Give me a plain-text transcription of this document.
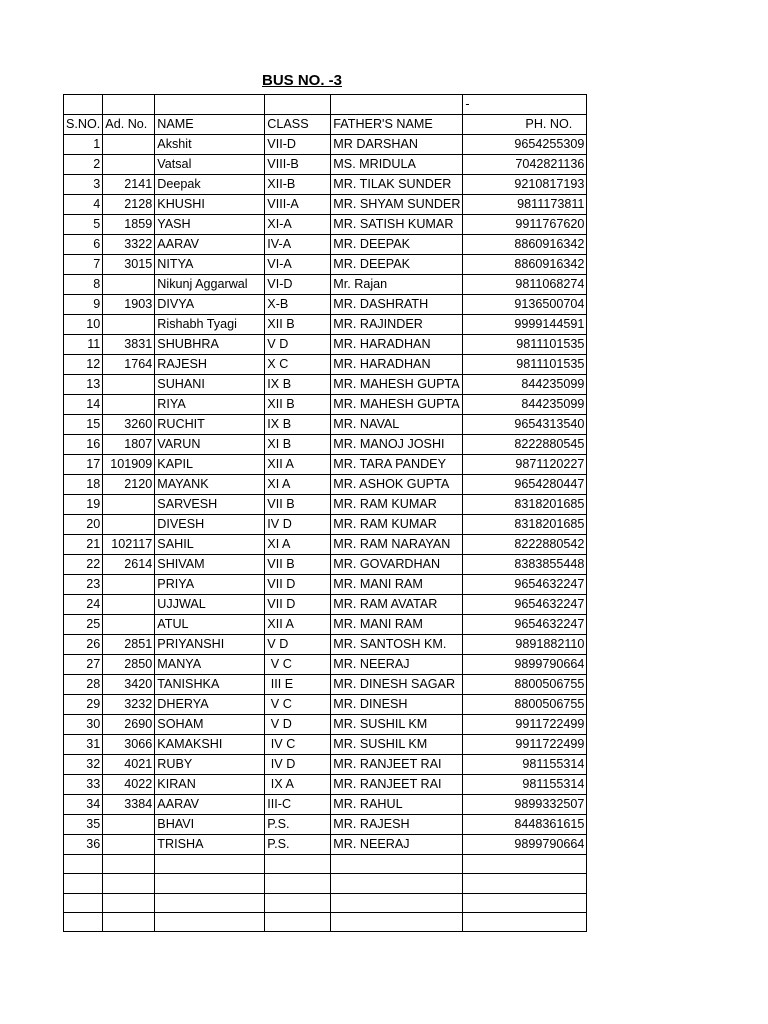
BUS NO. -3
					-
S.NO.	Ad. No.	NAME	CLASS	FATHER'S NAME	PH. NO.
1		Akshit	VII-D	MR DARSHAN	9654255309
2		Vatsal	VIII-B	MS. MRIDULA	7042821136
3	2141	Deepak	XII-B	MR. TILAK SUNDER	9210817193
4	2128	KHUSHI	VIII-A	MR. SHYAM SUNDER	9811173811
5	1859	YASH	XI-A	MR. SATISH KUMAR	9911767620
6	3322	AARAV	IV-A	MR. DEEPAK	8860916342
7	3015	NITYA	VI-A	MR. DEEPAK	8860916342
8		Nikunj Aggarwal	VI-D	Mr. Rajan	9811068274
9	1903	DIVYA	X-B	MR. DASHRATH	9136500704
10		Rishabh Tyagi	XII B	MR. RAJINDER	9999144591
11	3831	SHUBHRA	V D	MR. HARADHAN	9811101535
12	1764	RAJESH	X C	MR. HARADHAN	9811101535
13		SUHANI	IX B	MR. MAHESH GUPTA	844235099
14		RIYA	XII B	MR. MAHESH GUPTA	844235099
15	3260	RUCHIT	IX B	MR. NAVAL	9654313540
16	1807	VARUN	XI B	MR. MANOJ JOSHI	8222880545
17	101909	KAPIL	XII A	MR. TARA PANDEY	9871120227
18	2120	MAYANK	XI A	MR. ASHOK GUPTA	9654280447
19		SARVESH	VII B	MR. RAM KUMAR	8318201685
20		DIVESH	IV D	MR. RAM KUMAR	8318201685
21	102117	SAHIL	XI A	MR. RAM NARAYAN	8222880542
22	2614	SHIVAM	VII B	MR. GOVARDHAN	8383855448
23		PRIYA	VII D	MR. MANI RAM	9654632247
24		UJJWAL	VII D	MR. RAM AVATAR	9654632247
25		ATUL	XII A	MR. MANI RAM	9654632247
26	2851	PRIYANSHI	V D	MR. SANTOSH KM.	9891882110
27	2850	MANYA	V C	MR. NEERAJ	9899790664
28	3420	TANISHKA	III E	MR. DINESH SAGAR	8800506755
29	3232	DHERYA	V C	MR. DINESH	8800506755
30	2690	SOHAM	V D	MR. SUSHIL KM	9911722499
31	3066	KAMAKSHI	IV C	MR. SUSHIL KM	9911722499
32	4021	RUBY	IV D	MR. RANJEET RAI	981155314
33	4022	KIRAN	IX A	MR. RANJEET RAI	981155314
34	3384	AARAV	III-C	MR. RAHUL	9899332507
35		BHAVI	P.S.	MR. RAJESH	8448361615
36		TRISHA	P.S.	MR. NEERAJ	9899790664
